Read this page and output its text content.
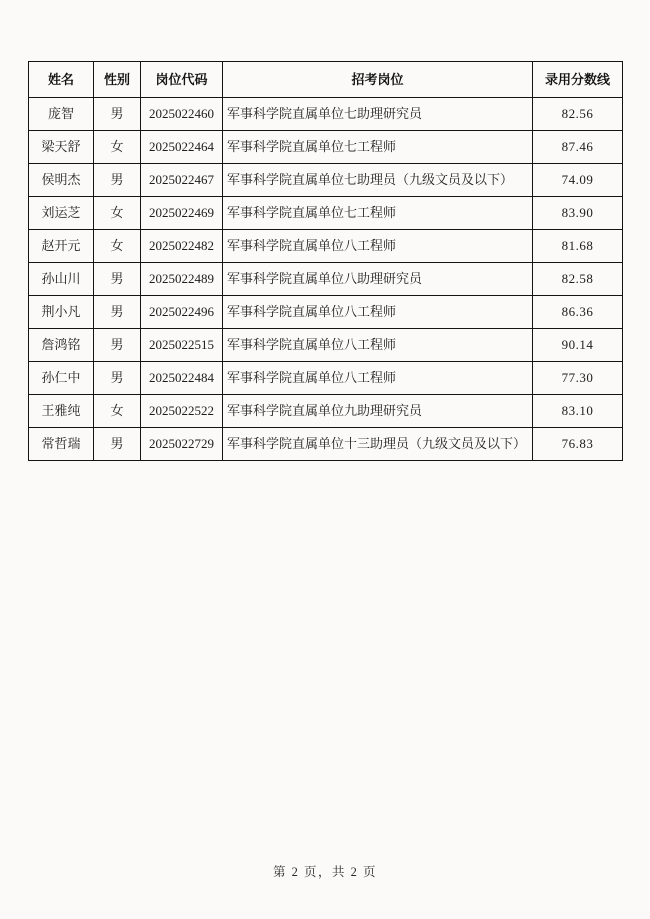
姓名	性别	岗位代码	招考岗位	录用分数线
庞智	男	2025022460	军事科学院直属单位七助理研究员	82.56
梁天舒	女	2025022464	军事科学院直属单位七工程师	87.46
侯明杰	男	2025022467	军事科学院直属单位七助理员（九级文员及以下）	74.09
刘运芝	女	2025022469	军事科学院直属单位七工程师	83.90
赵开元	女	2025022482	军事科学院直属单位八工程师	81.68
孙山川	男	2025022489	军事科学院直属单位八助理研究员	82.58
荆小凡	男	2025022496	军事科学院直属单位八工程师	86.36
詹鸿铭	男	2025022515	军事科学院直属单位八工程师	90.14
孙仁中	男	2025022484	军事科学院直属单位八工程师	77.30
王雅纯	女	2025022522	军事科学院直属单位九助理研究员	83.10
常哲瑞	男	2025022729	军事科学院直属单位十三助理员（九级文员及以下）	76.83
第 2 页，共 2 页
